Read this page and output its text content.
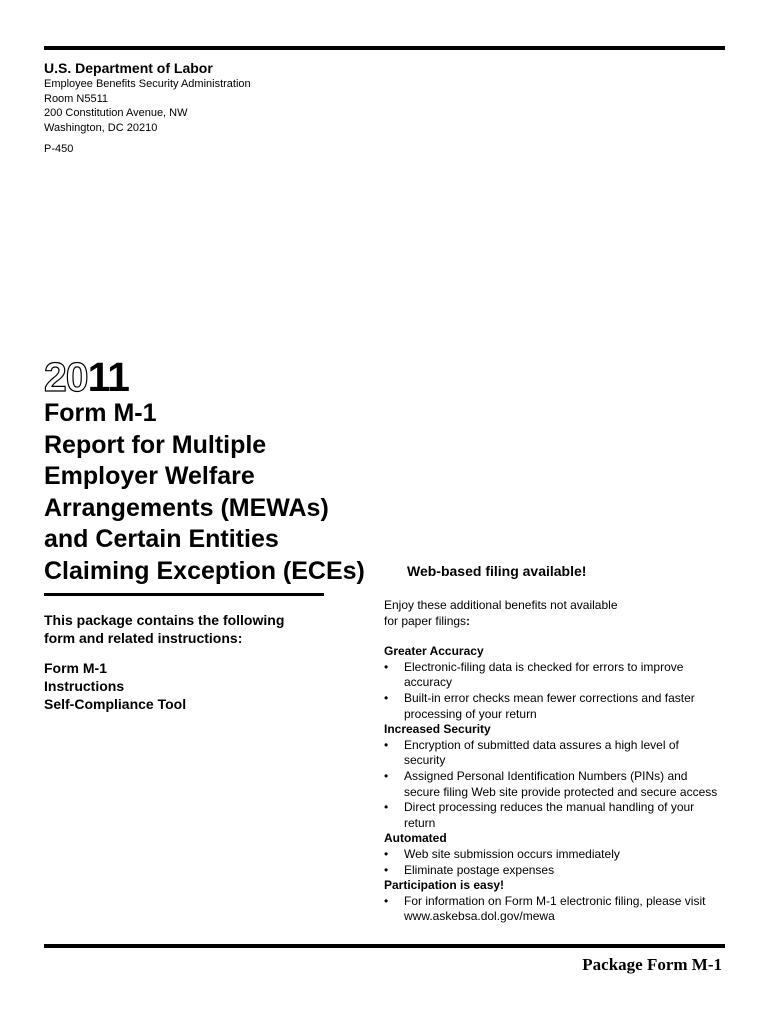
U.S. Department of Labor
Employee Benefits Security Administration
Room N5511
200 Constitution Avenue, NW
Washington, DC 20210
P-450
20 11
Form M-1
Report for Multiple
Employer Welfare
Arrangements (MEWAs)
and Certain Entities
Claiming Exception (ECEs)
This package contains the following
form and related instructions:
Form M-1
Instructions
Self-Compliance Tool
Web-based filing available!
Enjoy these additional benefits not available
for paper filings:
Greater Accuracy
• Electronic-filing data is checked for errors to improve accuracy
• Built-in error checks mean fewer corrections and faster processing of your return
Increased Security
• Encryption of submitted data assures a high level of security
• Assigned Personal Identification Numbers (PINs) and secure filing Web site provide protected and secure access
• Direct processing reduces the manual handling of your return
Automated
• Web site submission occurs immediately
• Eliminate postage expenses
Participation is easy!
• For information on Form M-1 electronic filing, please visit www.askebsa.dol.gov/mewa
Package Form M-1
